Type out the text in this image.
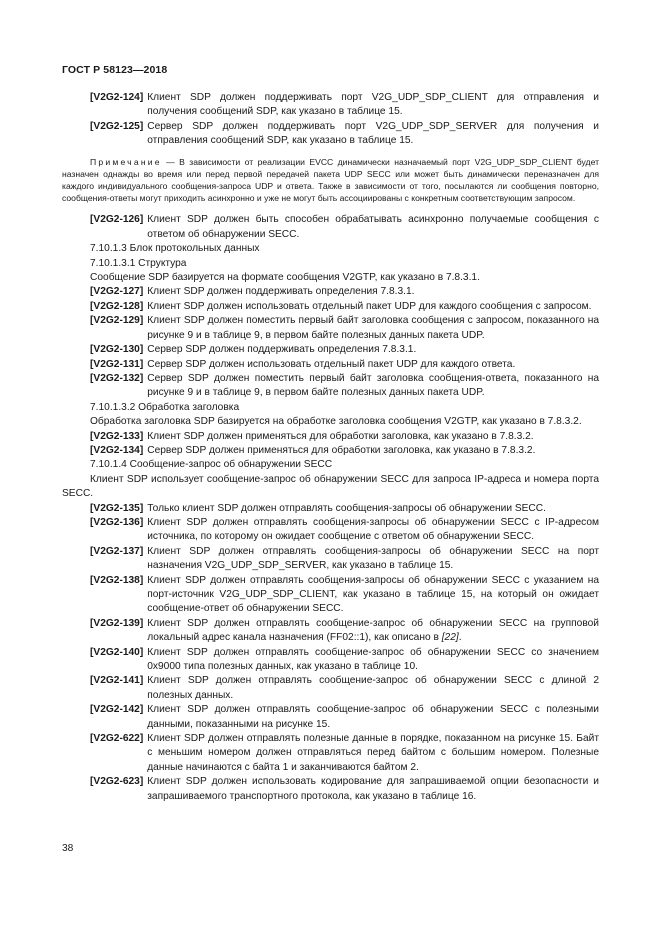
ГОСТ Р 58123—2018
[V2G2-124] Клиент SDP должен поддерживать порт V2G_UDP_SDP_CLIENT для отправления и получения сообщений SDP, как указано в таблице 15.
[V2G2-125] Сервер SDP должен поддерживать порт V2G_UDP_SDP_SERVER для получения и отправления сообщений SDP, как указано в таблице 15.

Примечание — В зависимости от реализации EVCC динамически назначаемый порт V2G_UDP_SDP_CLIENT будет назначен однажды во время или перед первой передачей пакета UDP SECC или может быть динамически переназначен для каждого индивидуального сообщения-запроса UDP и ответа. Также в зависимости от того, посылаются ли сообщения повторно, сообщения-ответы могут приходить асинхронно и уже не могут быть ассоциированы с конкретным соответствующим запросом.

[V2G2-126] Клиент SDP должен быть способен обрабатывать асинхронно получаемые сообщения с ответом об обнаружении SECC.

7.10.1.3 Блок протокольных данных

7.10.1.3.1 Структура

Сообщение SDP базируется на формате сообщения V2GTP, как указано в 7.8.3.1.

[V2G2-127] Клиент SDP должен поддерживать определения 7.8.3.1.
[V2G2-128] Клиент SDP должен использовать отдельный пакет UDP для каждого сообщения с запросом.
[V2G2-129] Клиент SDP должен поместить первый байт заголовка сообщения с запросом, показанного на рисунке 9 и в таблице 9, в первом байте полезных данных пакета UDP.
[V2G2-130] Сервер SDP должен поддерживать определения 7.8.3.1.
[V2G2-131] Сервер SDP должен использовать отдельный пакет UDP для каждого ответа.
[V2G2-132] Сервер SDP должен поместить первый байт заголовка сообщения-ответа, показанного на рисунке 9 и в таблице 9, в первом байте полезных данных пакета UDP.

7.10.1.3.2 Обработка заголовка

Обработка заголовка SDP базируется на обработке заголовка сообщения V2GTP, как указано в 7.8.3.2.

[V2G2-133] Клиент SDP должен применяться для обработки заголовка, как указано в 7.8.3.2.
[V2G2-134] Сервер SDP должен применяться для обработки заголовка, как указано в 7.8.3.2.

7.10.1.4 Сообщение-запрос об обнаружении SECC

Клиент SDP использует сообщение-запрос об обнаружении SECC для запроса IP-адреса и номера порта SECC.

[V2G2-135] Только клиент SDP должен отправлять сообщения-запросы об обнаружении SECC.
[V2G2-136] Клиент SDP должен отправлять сообщения-запросы об обнаружении SECC с IP-адресом источника, по которому он ожидает сообщение с ответом об обнаружении SECC.
[V2G2-137] Клиент SDP должен отправлять сообщения-запросы об обнаружении SECC на порт назначения V2G_UDP_SDP_SERVER, как указано в таблице 15.
[V2G2-138] Клиент SDP должен отправлять сообщения-запросы об обнаружении SECC с указанием на порт-источник V2G_UDP_SDP_CLIENT, как указано в таблице 15, на который он ожидает сообщение-ответ об обнаружении SECC.
[V2G2-139] Клиент SDP должен отправлять сообщение-запрос об обнаружении SECC на групповой локальный адрес канала назначения (FF02::1), как описано в [22].
[V2G2-140] Клиент SDP должен отправлять сообщение-запрос об обнаружении SECC со значением 0x9000 типа полезных данных, как указано в таблице 10.
[V2G2-141] Клиент SDP должен отправлять сообщение-запрос об обнаружении SECC с длиной 2 полезных данных.
[V2G2-142] Клиент SDP должен отправлять сообщение-запрос об обнаружении SECC с полезными данными, показанными на рисунке 15.
[V2G2-622] Клиент SDP должен отправлять полезные данные в порядке, показанном на рисунке 15. Байт с меньшим номером должен отправляться перед байтом с большим номером. Полезные данные начинаются с байта 1 и заканчиваются байтом 2.
[V2G2-623] Клиент SDP должен использовать кодирование для запрашиваемой опции безопасности и запрашиваемого транспортного протокола, как указано в таблице 16.
38
